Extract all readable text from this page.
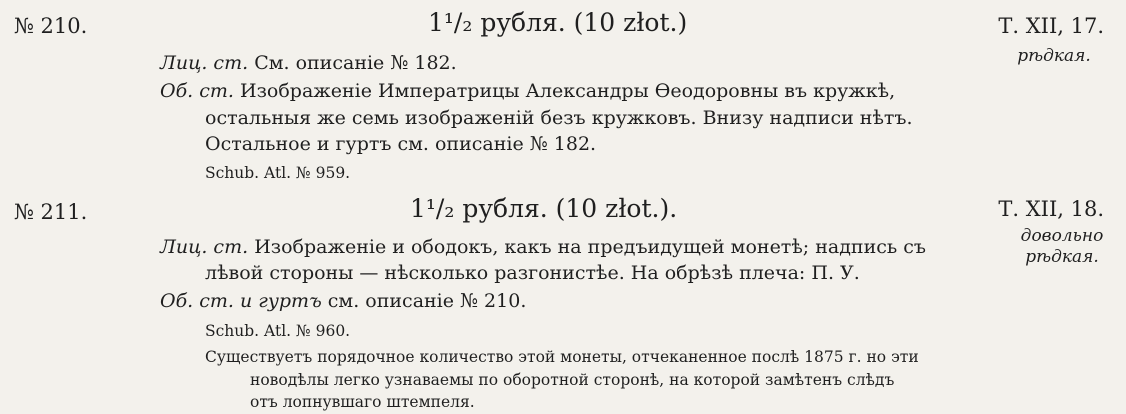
№ 210.	1¹/₂ рубля. (10 złot.)	Т. XII, 17.
рѣдкая.
Лиц. ст. См. описаніе № 182.
Об. ст. Изображеніе Императрицы Александры Ѳеодоровны въ кружкѣ,
остальныя же семь изображеній безъ кружковъ. Внизу надписи нѣтъ.
Остальное и гуртъ см. описаніе № 182.
Schub. Atl. № 959.
№ 211.	1¹/₂ рубля. (10 złot.).	Т. XII, 18.
довольно
рѣдкая.
Лиц. ст. Изображеніе и ободокъ, какъ на предъидущей монетѣ; надпись съ
лѣвой стороны — нѣсколько разгонистѣе. На обрѣзѣ плеча: П. У.
Об. ст. и гуртъ см. описаніе № 210.
Schub. Atl. № 960.
Существуетъ порядочное количество этой монеты, отчеканенное послѣ 1875 г. но эти
новодѣлы легко узнаваемы по оборотной сторонѣ, на которой замѣтенъ слѣдъ
отъ лопнувшаго штемпеля.
